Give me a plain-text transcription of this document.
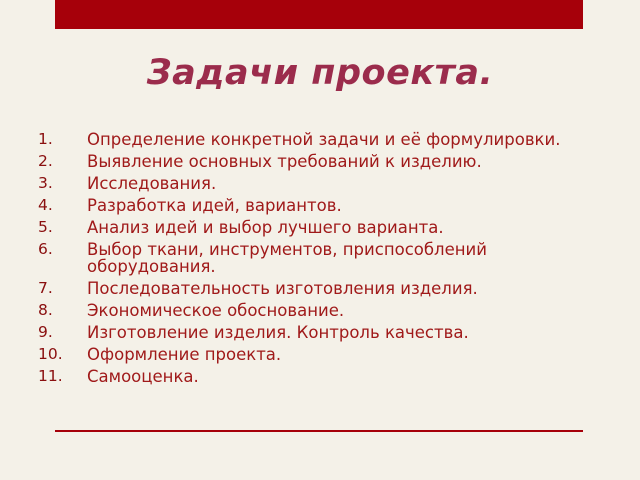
Задачи проекта.
1.	Определение конкретной задачи и её формулировки.
2.	Выявление основных требований к изделию.
3.	Исследования.
4.	Разработка идей, вариантов.
5.	Анализ идей и выбор лучшего варианта.
6.	Выбор ткани, инструментов, приспособлений оборудования.
7.	Последовательность изготовления изделия.
8.	Экономическое обоснование.
9.	Изготовление изделия. Контроль качества.
10.	Оформление проекта.
11.	Самооценка.
